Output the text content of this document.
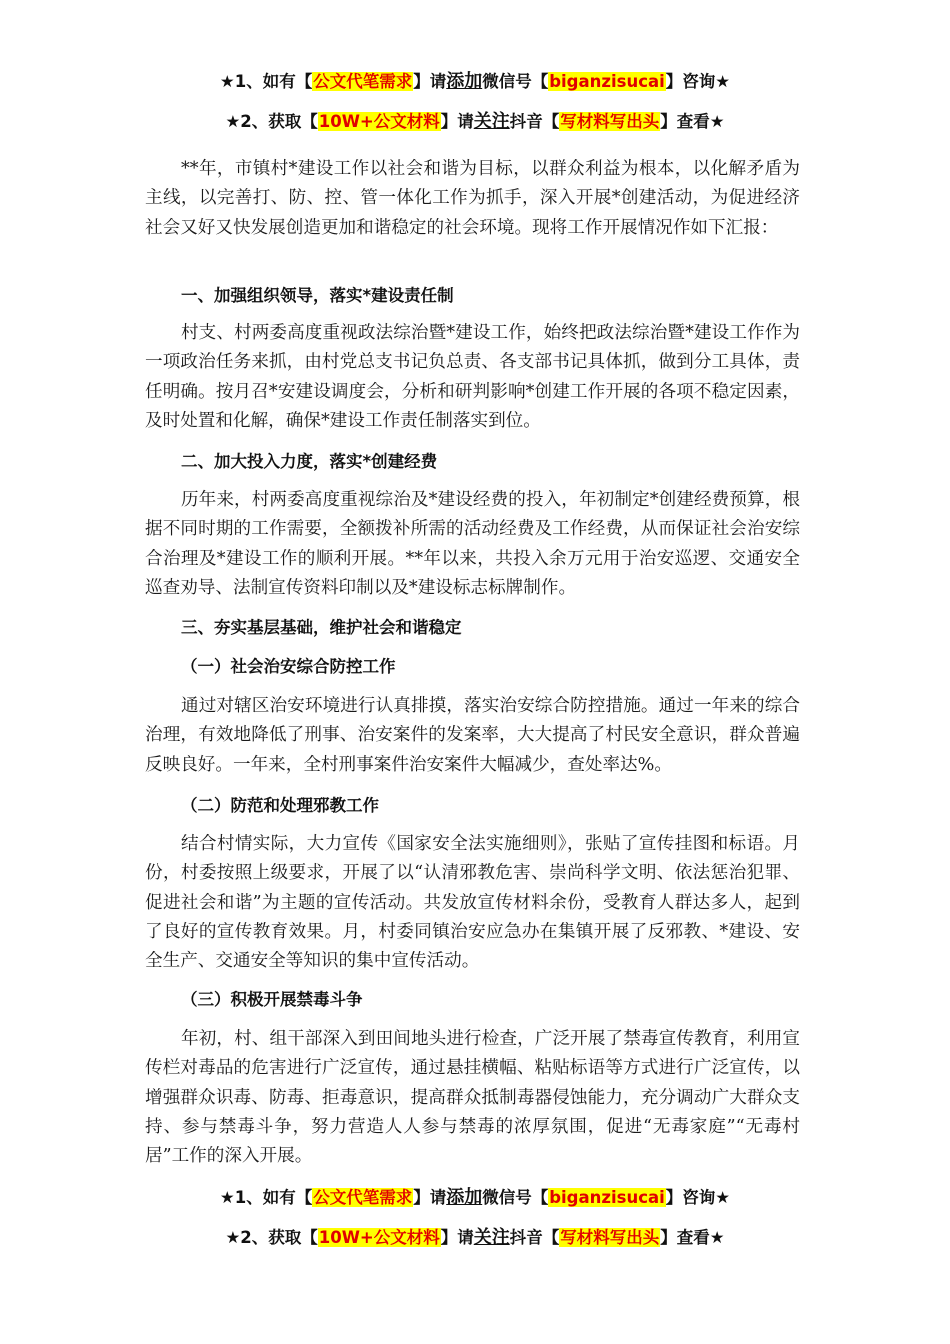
★1、如有【公文代笔需求】请添加微信号【biganzisucai】咨询★
★2、获取【10W+公文材料】请关注抖音【写材料写出头】查看★

**年，市镇村*建设工作以社会和谐为目标，以群众利益为根本，以化解矛盾为主线，以完善打、防、控、管一体化工作为抓手，深入开展*创建活动，为促进经济社会又好又快发展创造更加和谐稳定的社会环境。现将工作开展情况作如下汇报：

一、加强组织领导，落实*建设责任制

村支、村两委高度重视政法综治暨*建设工作，始终把政法综治暨*建设工作作为一项政治任务来抓，由村党总支书记负总责、各支部书记具体抓，做到分工具体，责任明确。按月召*安建设调度会，分析和研判影响*创建工作开展的各项不稳定因素，及时处置和化解，确保*建设工作责任制落实到位。

二、加大投入力度，落实*创建经费

历年来，村两委高度重视综治及*建设经费的投入，年初制定*创建经费预算，根据不同时期的工作需要，全额拨补所需的活动经费及工作经费，从而保证社会治安综合治理及*建设工作的顺利开展。**年以来，共投入余万元用于治安巡逻、交通安全巡查劝导、法制宣传资料印制以及*建设标志标牌制作。

三、夯实基层基础，维护社会和谐稳定

（一）社会治安综合防控工作

通过对辖区治安环境进行认真排摸，落实治安综合防控措施。通过一年来的综合治理，有效地降低了刑事、治安案件的发案率，大大提高了村民安全意识，群众普遍反映良好。一年来，全村刑事案件治安案件大幅减少，查处率达%。

（二）防范和处理邪教工作

结合村情实际，大力宣传《国家安全法实施细则》，张贴了宣传挂图和标语。月份，村委按照上级要求，开展了以“认清邪教危害、崇尚科学文明、依法惩治犯罪、促进社会和谐”为主题的宣传活动。共发放宣传材料余份，受教育人群达多人，起到了良好的宣传教育效果。月，村委同镇治安应急办在集镇开展了反邪教、*建设、安全生产、交通安全等知识的集中宣传活动。

（三）积极开展禁毒斗争

年初，村、组干部深入到田间地头进行检查，广泛开展了禁毒宣传教育，利用宣传栏对毒品的危害进行广泛宣传，通过悬挂横幅、粘贴标语等方式进行广泛宣传，以增强群众识毒、防毒、拒毒意识，提高群众抵制毒器侵蚀能力，充分调动广大群众支持、参与禁毒斗争，努力营造人人参与禁毒的浓厚氛围，促进“无毒家庭”“无毒村居”工作的深入开展。

★1、如有【公文代笔需求】请添加微信号【biganzisucai】咨询★
★2、获取【10W+公文材料】请关注抖音【写材料写出头】查看★
